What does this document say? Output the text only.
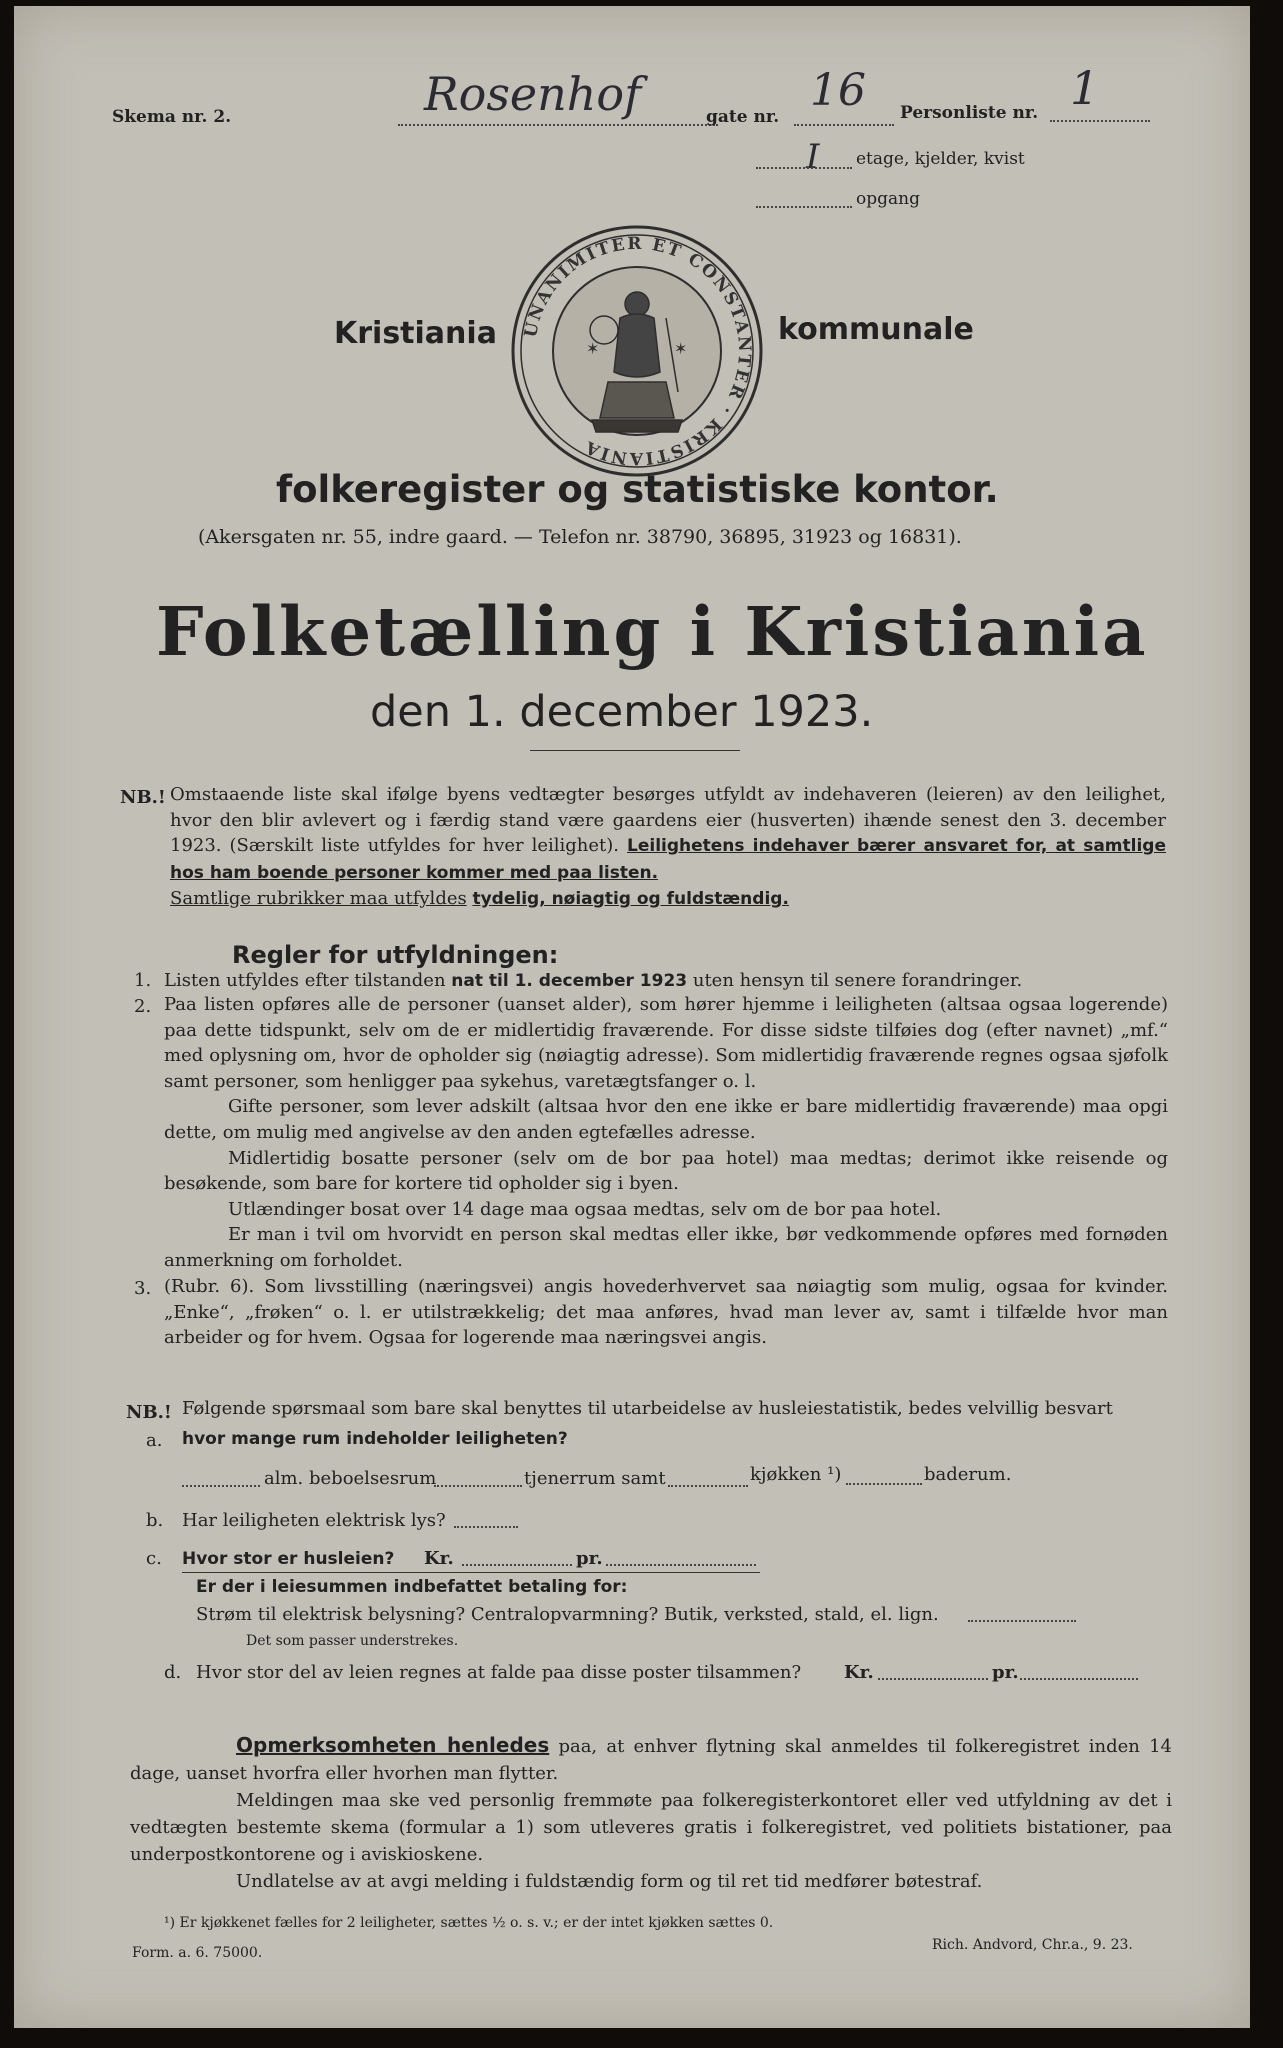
Skema nr. 2.	Rosenhof	gate nr.
16 Personliste nr. 1
I etage, kjelder, kvist
opgang
✶	✶
UNANIMITER ET CONSTANTER · KRISTIANIA
Kristiania	kommunale
folkeregister og statistiske kontor.
(Akersgaten nr. 55, indre gaard. — Telefon nr. 38790, 36895, 31923 og 16831).
Folketælling i Kristiania
den 1. december 1923.
NB.! Omstaaende liste skal ifølge byens vedtægter besørges utfyldt av indehaveren (leieren) av den leilighet, hvor den blir avlevert og i færdig stand være gaardens eier (husverten) ihænde senest den 3. december 1923. (Særskilt liste utfyldes for hver leilighet). Leilighetens indehaver bærer ansvaret for, at samtlige hos ham boende personer kommer med paa listen.

Samtlige rubrikker maa utfyldes tydelig, nøiagtig og fuldstændig.

Regler for utfyldningen:
1. Listen utfyldes efter tilstanden nat til 1. december 1923 uten hensyn til senere forandringer.
2. Paa listen opføres alle de personer (uanset alder), som hører hjemme i leiligheten (altsaa ogsaa logerende) paa dette tidspunkt, selv om de er midlertidig fraværende. For disse sidste tilføies dog (efter navnet) „mf.“ med oplysning om, hvor de opholder sig (nøiagtig adresse). Som midlertidig fraværende regnes ogsaa sjøfolk samt personer, som henligger paa sykehus, varetægtsfanger o. l.

Gifte personer, som lever adskilt (altsaa hvor den ene ikke er bare midlertidig fraværende) maa opgi dette, om mulig med angivelse av den anden egtefælles adresse.

Midlertidig bosatte personer (selv om de bor paa hotel) maa medtas; derimot ikke reisende og besøkende, som bare for kortere tid opholder sig i byen.

Utlændinger bosat over 14 dage maa ogsaa medtas, selv om de bor paa hotel.

Er man i tvil om hvorvidt en person skal medtas eller ikke, bør vedkommende opføres med fornøden anmerkning om forholdet.

3. (Rubr. 6). Som livsstilling (næringsvei) angis hovederhvervet saa nøiagtig som mulig, ogsaa for kvinder. „Enke“, „frøken“ o. l. er utilstrækkelig; det maa anføres, hvad man lever av, samt i tilfælde hvor man arbeider og for hvem. Ogsaa for logerende maa næringsvei angis.
NB.! Følgende spørsmaal som bare skal benyttes til utarbeidelse av husleiestatistik, bedes velvillig besvart
a. hvor mange rum indeholder leiligheten?
alm. beboelsesrum	tjenerrum samt	kjøkken ¹)	baderum.
b. Har leiligheten elektrisk lys?
c. Hvor stor er husleien? Kr.	pr.
Er der i leiesummen indbefattet betaling for:
Strøm til elektrisk belysning? Centralopvarmning? Butik, verksted, stald, el. lign.
Det som passer understrekes.
d. Hvor stor del av leien regnes at falde paa disse poster tilsammen? Kr.	pr.

Opmerksomheten henledes paa, at enhver flytning skal anmeldes til folkeregistret inden 14 dage, uanset hvorfra eller hvorhen man flytter.

Meldingen maa ske ved personlig fremmøte paa folkeregisterkontoret eller ved utfyldning av det i vedtægten bestemte skema (formular a 1) som utleveres gratis i folkeregistret, ved politiets bistationer, paa underpostkontorene og i aviskioskene.

Undlatelse av at avgi melding i fuldstændig form og til ret tid medfører bøtestraf.

¹) Er kjøkkenet fælles for 2 leiligheter, sættes ½ o. s. v.; er der intet kjøkken sættes 0.
Form. a. 6. 75000.	Rich. Andvord, Chr.a., 9. 23.
